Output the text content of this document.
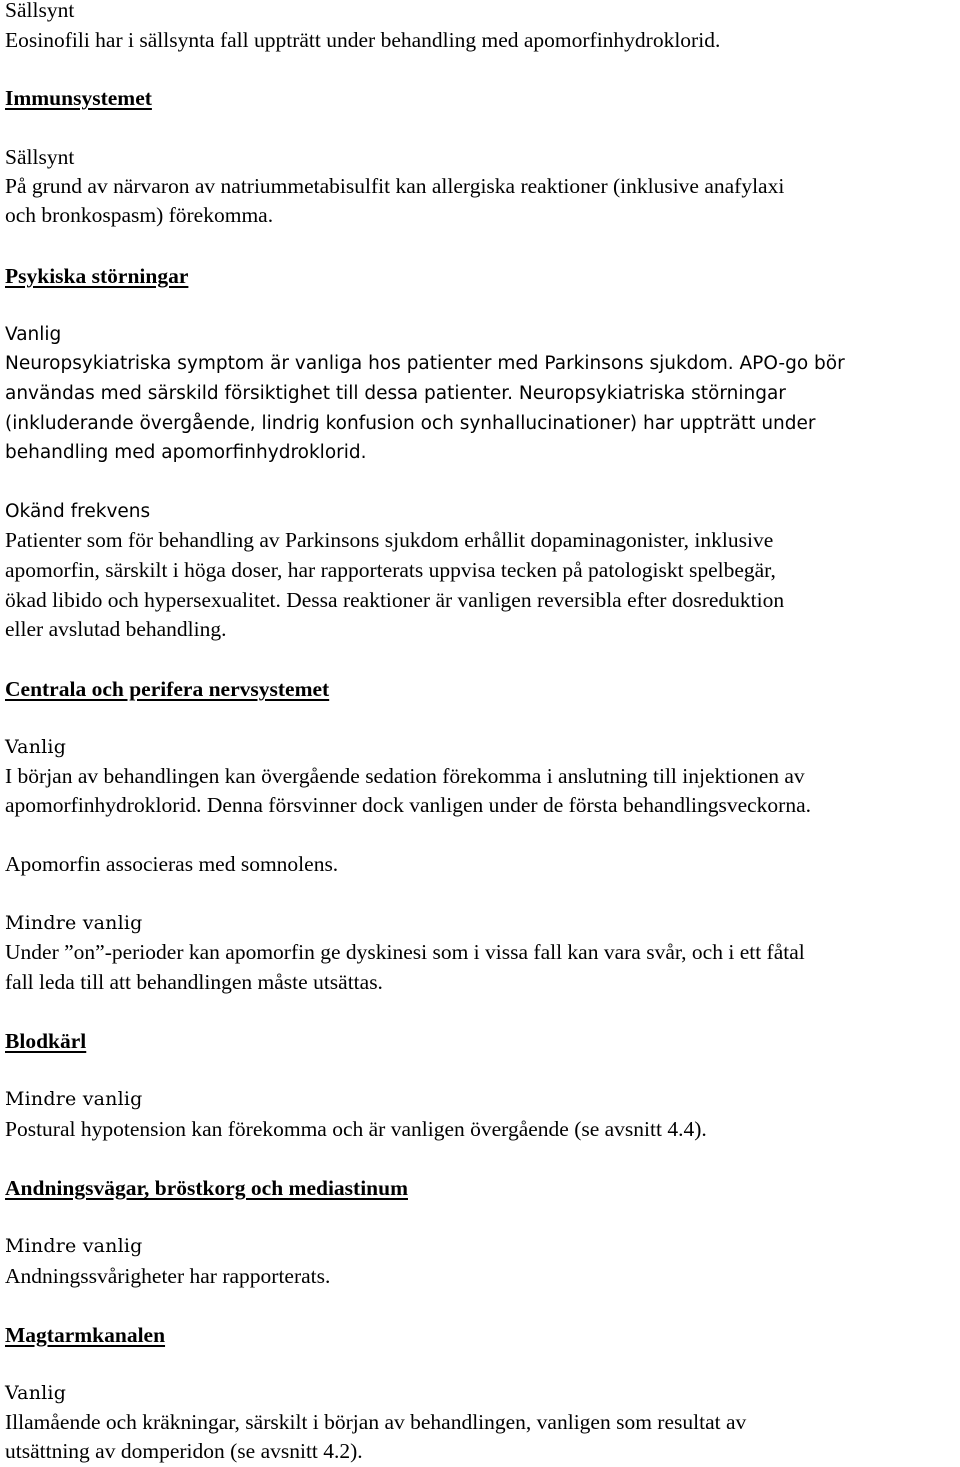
Sällsynt

Eosinofili har i sällsynta fall uppträtt under behandling med apomorfinhydroklorid.

Immunsystemet

Sällsynt

På grund av närvaron av natriummetabisulfit kan allergiska reaktioner (inklusive anafylaxi

och bronkospasm) förekomma.

Psykiska störningar

Vanlig

Neuropsykiatriska symptom är vanliga hos patienter med Parkinsons sjukdom. APO-go bör

användas med särskild försiktighet till dessa patienter. Neuropsykiatriska störningar

(inkluderande övergående, lindrig konfusion och synhallucinationer) har uppträtt under

behandling med apomorfinhydroklorid.

Okänd frekvens

Patienter som för behandling av Parkinsons sjukdom erhållit dopaminagonister, inklusive

apomorfin, särskilt i höga doser, har rapporterats uppvisa tecken på patologiskt spelbegär,

ökad libido och hypersexualitet. Dessa reaktioner är vanligen reversibla efter dosreduktion

eller avslutad behandling.

Centrala och perifera nervsystemet

Vanlig

I början av behandlingen kan övergående sedation förekomma i anslutning till injektionen av

apomorfinhydroklorid. Denna försvinner dock vanligen under de första behandlingsveckorna.

Apomorfin associeras med somnolens.

Mindre vanlig

Under ”on”-perioder kan apomorfin ge dyskinesi som i vissa fall kan vara svår, och i ett fåtal

fall leda till att behandlingen måste utsättas.

Blodkärl

Mindre vanlig

Postural hypotension kan förekomma och är vanligen övergående (se avsnitt 4.4).

Andningsvägar, bröstkorg och mediastinum

Mindre vanlig

Andningssvårigheter har rapporterats.

Magtarmkanalen

Vanlig

Illamående och kräkningar, särskilt i början av behandlingen, vanligen som resultat av

utsättning av domperidon (se avsnitt 4.2).
